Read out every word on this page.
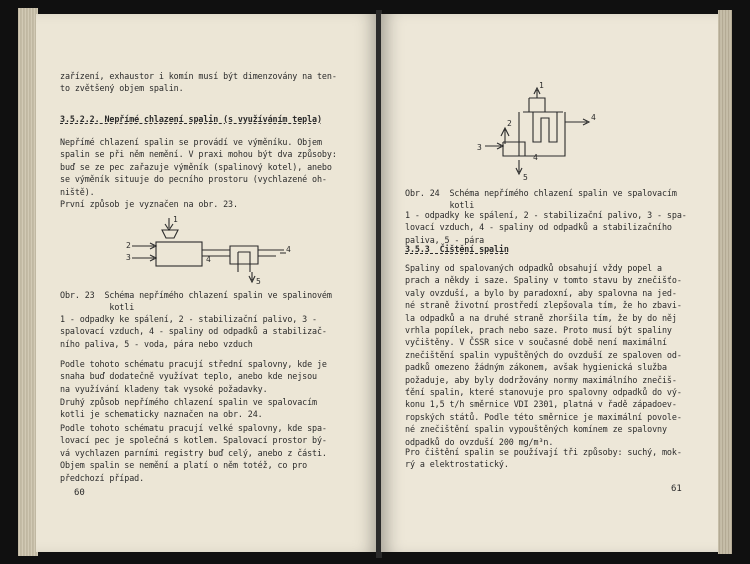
zařízení, exhaustor i komín musí být dimenzovány na ten-
to zvětšený objem spalin.
3.5.2.2. Nepřímé chlazení spalin (s využíváním tepla)
Nepřímé chlazení spalin se provádí ve výměníku. Objem
spalin se při něm nemění. V praxi mohou být dva způsoby:
buď se ze pec zařazuje výměník (spalinový kotel), anebo
se výměník situuje do pecního prostoru (vychlazené oh-
niště).
První způsob je vyznačen na obr. 23.
1
2
3	4
4
5
Obr. 23  Schéma nepřímého chlazení spalin ve spalinovém
kotli
1 - odpadky ke spálení, 2 - stabilizační palivo, 3 -
spalovací vzduch, 4 - spaliny od odpadků a stabilizač-
ního paliva, 5 - voda, pára nebo vzduch
Podle tohoto schématu pracují střední spalovny, kde je
snaha buď dodatečně využívat teplo, anebo kde nejsou
na využívání kladeny tak vysoké požadavky.
Druhý způsob nepřímého chlazení spalin ve spalovacím
kotli je schematicky naznačen na obr. 24.
Podle tohoto schématu pracují velké spalovny, kde spa-
lovací pec je společná s kotlem. Spalovací prostor bý-
vá vychlazen parními registry buď celý, anebo z části.
Objem spalin se nemění a platí o něm totéž, co pro
předchozí případ.
60
1
2
3
4
4
5
Obr. 24  Schéma nepřímého chlazení spalin ve spalovacím
kotli
1 - odpadky ke spálení, 2 - stabilizační palivo, 3 - spa-
lovací vzduch, 4 - spaliny od odpadků a stabilizačního
paliva, 5 - pára
3.5.3  Čištění spalin
Spaliny od spalovaných odpadků obsahují vždy popel a
prach a někdy i saze. Spaliny v tomto stavu by znečišťo-
valy ovzduší, a bylo by paradoxní, aby spalovna na jed-
né straně životní prostředí zlepšovala tím, že ho zbavi-
la odpadků a na druhé straně zhoršila tím, že by do něj
vrhla popílek, prach nebo saze. Proto musí být spaliny
vyčištěny. V ČSSR sice v současné době není maximální
znečištění spalin vypuštěných do ovzduší ze spaloven od-
padků omezeno žádným zákonem, avšak hygienická služba
požaduje, aby byly dodržovány normy maximálního znečiš-
ťění spalin, které stanovuje pro spalovny odpadků do vý-
konu 1,5 t/h směrnice VDI 2301, platná v řadě západoev-
ropských států. Podle této směrnice je maximální povole-
né znečištění spalin vypouštěných komínem ze spalovny
odpadků do ovzduší 200 mg/m³n.
Pro čištění spalin se používají tři způsoby: suchý, mok-
rý a elektrostatický.
61
